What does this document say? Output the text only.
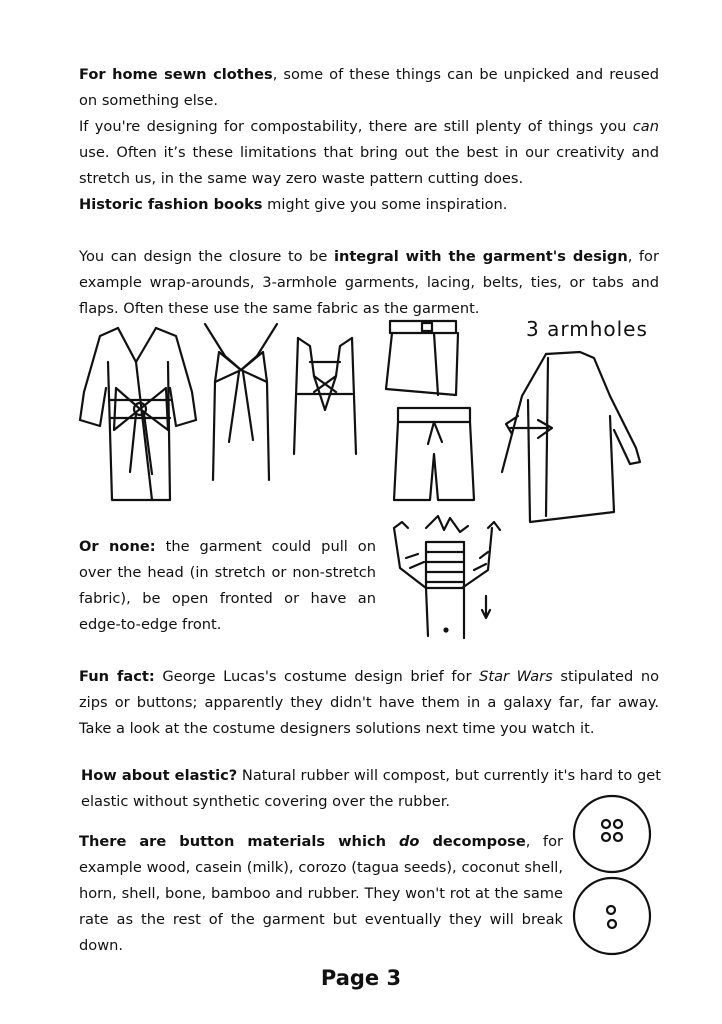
For home sewn clothes, some of these things can be unpicked and reused on something else.

If you're designing for compostability, there are still plenty of things you can use. Often it’s these limitations that bring out the best in our creativity and stretch us, in the same way zero waste pattern cutting does.

Historic fashion books might give you some inspiration.

You can design the closure to be integral with the garment's design, for example wrap-arounds, 3-armhole garments, lacing, belts, ties, or tabs and flaps. Often these use the same fabric as the garment.

3 armholes

Or none: the garment could pull on over the head (in stretch or non-stretch fabric), be open fronted or have an edge-to-edge front.

Fun fact: George Lucas's costume design brief for Star Wars stipulated no zips or buttons; apparently they didn't have them in a galaxy far, far away. Take a look at the costume designers solutions next time you watch it.

How about elastic? Natural rubber will compost, but currently it's hard to get elastic without synthetic covering over the rubber.

There are button materials which do decompose, for example wood, casein (milk), corozo (tagua seeds), coconut shell, horn, shell, bone, bamboo and rubber. They won't rot at the same rate as the rest of the garment but eventually they will break down.

Page 3
